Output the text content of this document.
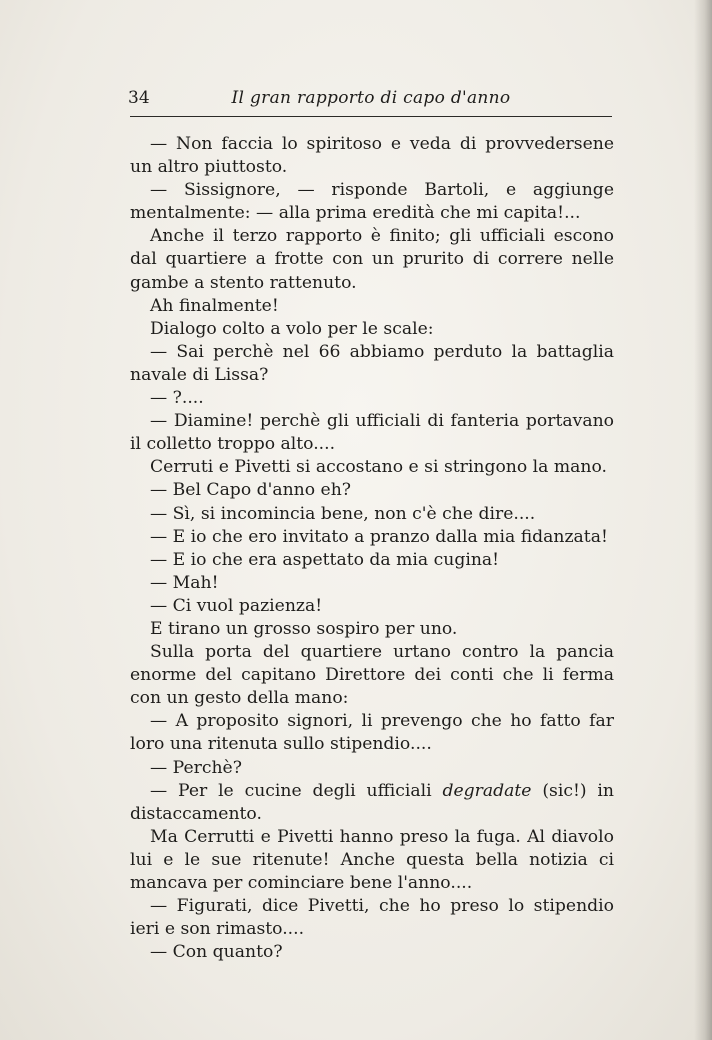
34	Il gran rapporto di capo d'anno

— Non faccia lo spiritoso e veda di provvedersene un altro piuttosto.

— Sissignore, — risponde Bartoli, e aggiunge mentalmente: — alla prima eredità che mi capita!...

Anche il terzo rapporto è finito; gli ufficiali escono dal quartiere a frotte con un prurito di correre nelle gambe a stento rattenuto.

Ah finalmente!

Dialogo colto a volo per le scale:

— Sai perchè nel 66 abbiamo perduto la battaglia navale di Lissa?

— ?....

— Diamine! perchè gli ufficiali di fanteria portavano il colletto troppo alto....

Cerruti e Pivetti si accostano e si stringono la mano.

— Bel Capo d'anno eh?

— Sì, si incomincia bene, non c'è che dire....

— E io che ero invitato a pranzo dalla mia fidanzata!

— E io che era aspettato da mia cugina!

— Mah!

— Ci vuol pazienza!

E tirano un grosso sospiro per uno.

Sulla porta del quartiere urtano contro la pancia enorme del capitano Direttore dei conti che li ferma con un gesto della mano:

— A proposito signori, li prevengo che ho fatto far loro una ritenuta sullo stipendio....

— Perchè?

— Per le cucine degli ufficiali degradate (sic!) in distaccamento.

Ma Cerrutti e Pivetti hanno preso la fuga. Al diavolo lui e le sue ritenute! Anche questa bella notizia ci mancava per cominciare bene l'anno....

— Figurati, dice Pivetti, che ho preso lo stipendio ieri e son rimasto....

— Con quanto?
